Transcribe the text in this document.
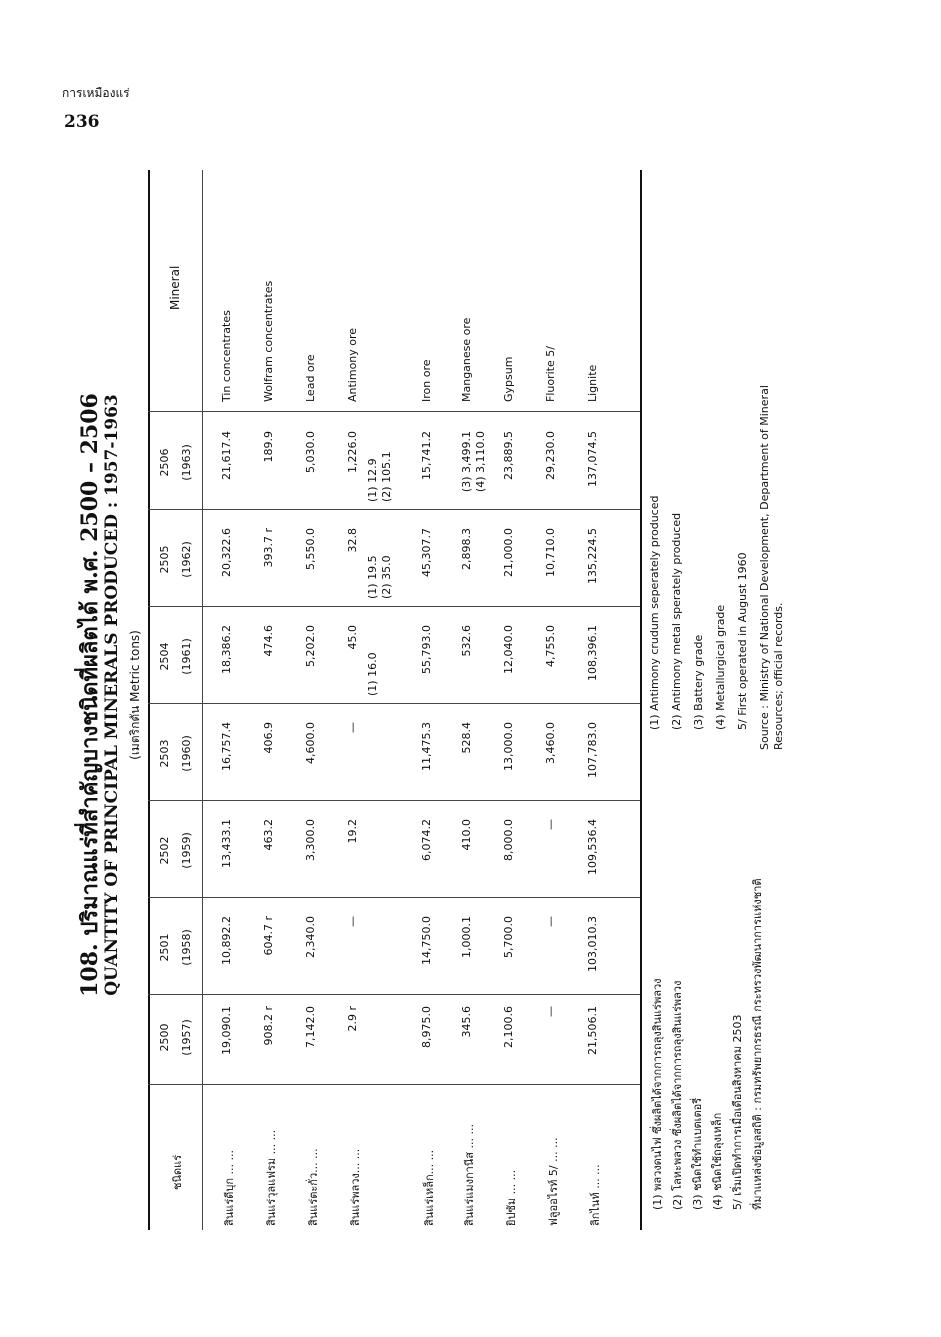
การเหมืองแร่
236
108. ปริมาณแร่ที่สำคัญบางชนิดที่ผลิตได้ พ.ศ. 2500 – 2506 QUANTITY OF PRINCIPAL MINERALS PRODUCED : 1957-1963 (เมตริกตัน Metric tons)
ชนิดแร่
Mineral
2500 (1957)
2501 (1958)
2502 (1959)
2503 (1960)
2504 (1961)
2505 (1962)
2506 (1963)
สินแร่ดีบุก ... ...
Tin concentrates
19,090.1
10,892.2
13,433.1
16,757.4
18,386.2
20,322.6
21,617.4
สินแร่วุลแฟรม ... ...
Wolfram concentrates
908.2 r
604.7 r
463.2
406.9
474.6
393.7 r
189.9
สินแร่ตะกั่ว... ...
Lead ore
7,142.0
2,340.0
3,300.0
4,600.0
5,202.0
5,550.0
5,030.0
สินแร่พลวง... ...
Antimony ore
2.9 r
—
19.2
—
45.0
32.8
1,226.0
(1) 16.0
(1) 19.5
(2) 35.0
(1) 12.9
(2) 105.1
สินแร่เหล็ก... ...
Iron ore
8,975.0
14,750.0
6,074.2
11,475.3
55,793.0
45,307.7
15,741.2
สินแร่แมงกานีส ... ...
Manganese ore
345.6
1,000.1
410.0
528.4
532.6
2,898.3
(3) 3,499.1
(4) 3,110.0
ยิปซัม ... ...
Gypsum
2,100.6
5,700.0
8,000.0
13,000.0
12,040.0
21,000.0
23,889.5
ฟลูออไรท์ 5/ ... ...
Fluorite 5/
—
—
—
3,460.0
4,755.0
10,710.0
29,230.0
ลิกไนท์ ... ...
Lignite
21,506.1
103,010.3
109,536.4
107,783.0
108,396.1
135,224.5
137,074.5
(1) พลวงดนไฟ ซึ่งผลิตได้จากการถลุงสินแร่พลวง (2) โลหะพลวง ซึ่งผลิตได้จากการถลุงสินแร่พลวง (3) ชนิดใช้ทำแบตเตอรี่ (4) ชนิดใช้ถลุงเหล็ก 5/ เริ่มเปิดทำการเมื่อเดือนสิงหาคม 2503 ที่มาแหล่งข้อมูลสถิติ : กรมทรัพยากรธรณี กระทรวงพัฒนาการแห่งชาติ
(1) Antimony crudum seperately produced (2) Antimony metal sperately produced (3) Battery grade (4) Metallurgical grade 5/ First operated in August 1960 Source : Ministry of National Development, Department of Mineral Resources; official records.
